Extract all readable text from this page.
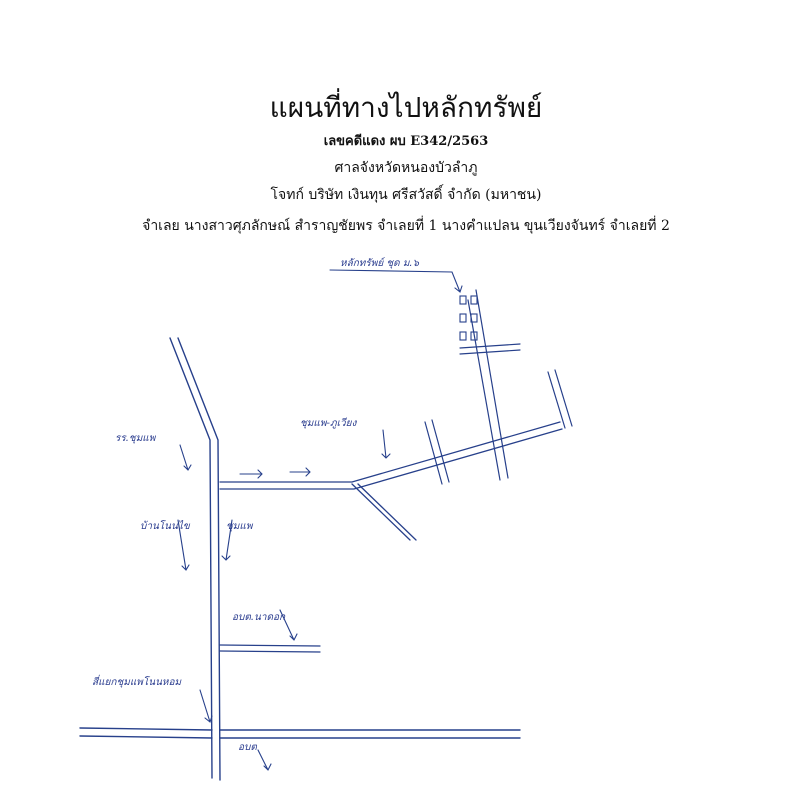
แผนที่ทางไปหลักทรัพย์
เลขคดีแดง ผบ E342/2563
ศาลจังหวัดหนองบัวลำภู
โจทก์ บริษัท เงินทุน ศรีสวัสดิ์ จำกัด (มหาชน)
จำเลย นางสาวศุภลักษณ์ สำราญชัยพร จำเลยที่ 1 นางคำแปลน ขุนเวียงจันทร์ จำเลยที่ 2
หลักทรัพย์ ชุด ม.๖
รร.ชุมแพ
ชุมแพ-ภูเวียง
บ้านโนนไข	ชุมแพ
อบต.นาดอก
สี่แยกชุมแพโนนหอม
อบต
